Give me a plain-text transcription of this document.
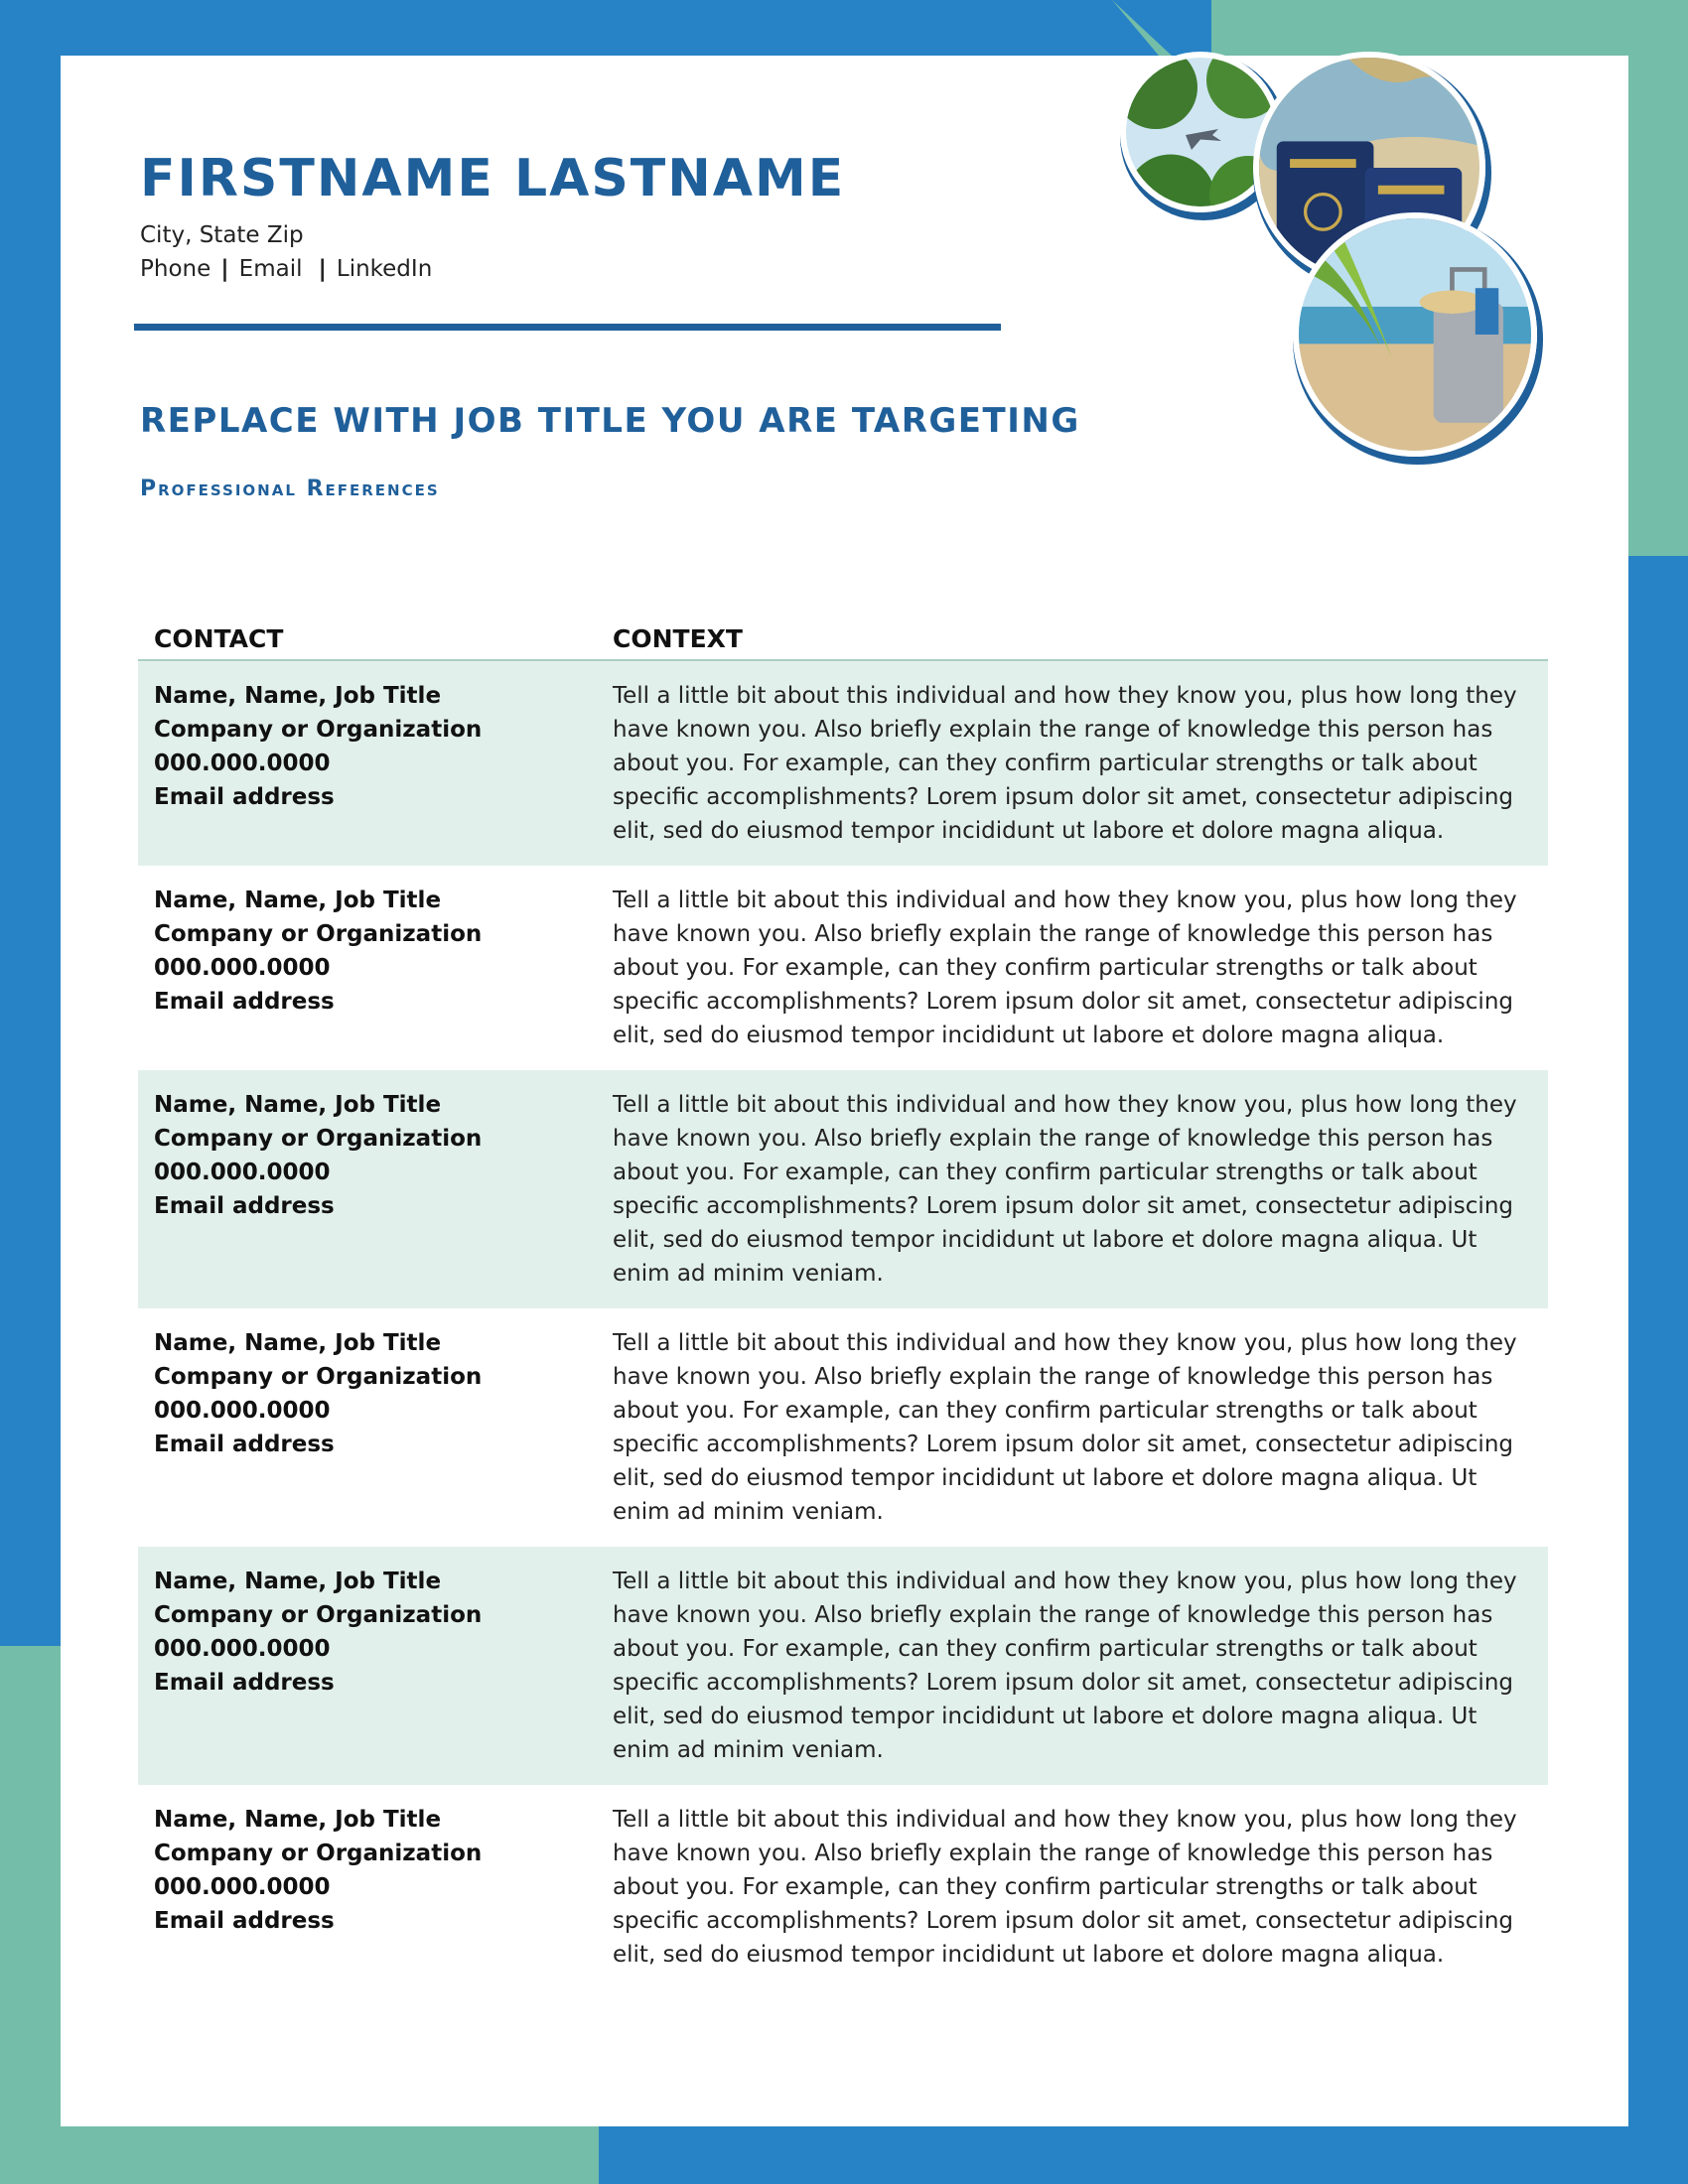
FIRSTNAME LASTNAME

City, State Zip

Phone | Email | LinkedIn

REPLACE WITH JOB TITLE YOU ARE TARGETING
Professional References
CONTACT	CONTEXT
Name, Name, Job Title
Company or Organization
000.000.0000
Email address
Tell a little bit about this individual and how they know you, plus how long they have known you. Also briefly explain the range of knowledge this person has about you. For example, can they confirm particular strengths or talk about specific accomplishments? Lorem ipsum dolor sit amet, consectetur adipiscing elit, sed do eiusmod tempor incididunt ut labore et dolore magna aliqua.
Name, Name, Job Title
Company or Organization
000.000.0000
Email address
Tell a little bit about this individual and how they know you, plus how long they have known you. Also briefly explain the range of knowledge this person has about you. For example, can they confirm particular strengths or talk about specific accomplishments? Lorem ipsum dolor sit amet, consectetur adipiscing elit, sed do eiusmod tempor incididunt ut labore et dolore magna aliqua.
Name, Name, Job Title
Company or Organization
000.000.0000
Email address
Tell a little bit about this individual and how they know you, plus how long they have known you. Also briefly explain the range of knowledge this person has about you. For example, can they confirm particular strengths or talk about specific accomplishments? Lorem ipsum dolor sit amet, consectetur adipiscing elit, sed do eiusmod tempor incididunt ut labore et dolore magna aliqua. Ut enim ad minim veniam.
Name, Name, Job Title
Company or Organization
000.000.0000
Email address
Tell a little bit about this individual and how they know you, plus how long they have known you. Also briefly explain the range of knowledge this person has about you. For example, can they confirm particular strengths or talk about specific accomplishments? Lorem ipsum dolor sit amet, consectetur adipiscing elit, sed do eiusmod tempor incididunt ut labore et dolore magna aliqua. Ut enim ad minim veniam.
Name, Name, Job Title
Company or Organization
000.000.0000
Email address
Tell a little bit about this individual and how they know you, plus how long they have known you. Also briefly explain the range of knowledge this person has about you. For example, can they confirm particular strengths or talk about specific accomplishments? Lorem ipsum dolor sit amet, consectetur adipiscing elit, sed do eiusmod tempor incididunt ut labore et dolore magna aliqua. Ut enim ad minim veniam.
Name, Name, Job Title
Company or Organization
000.000.0000
Email address
Tell a little bit about this individual and how they know you, plus how long they have known you. Also briefly explain the range of knowledge this person has about you. For example, can they confirm particular strengths or talk about specific accomplishments? Lorem ipsum dolor sit amet, consectetur adipiscing elit, sed do eiusmod tempor incididunt ut labore et dolore magna aliqua.
